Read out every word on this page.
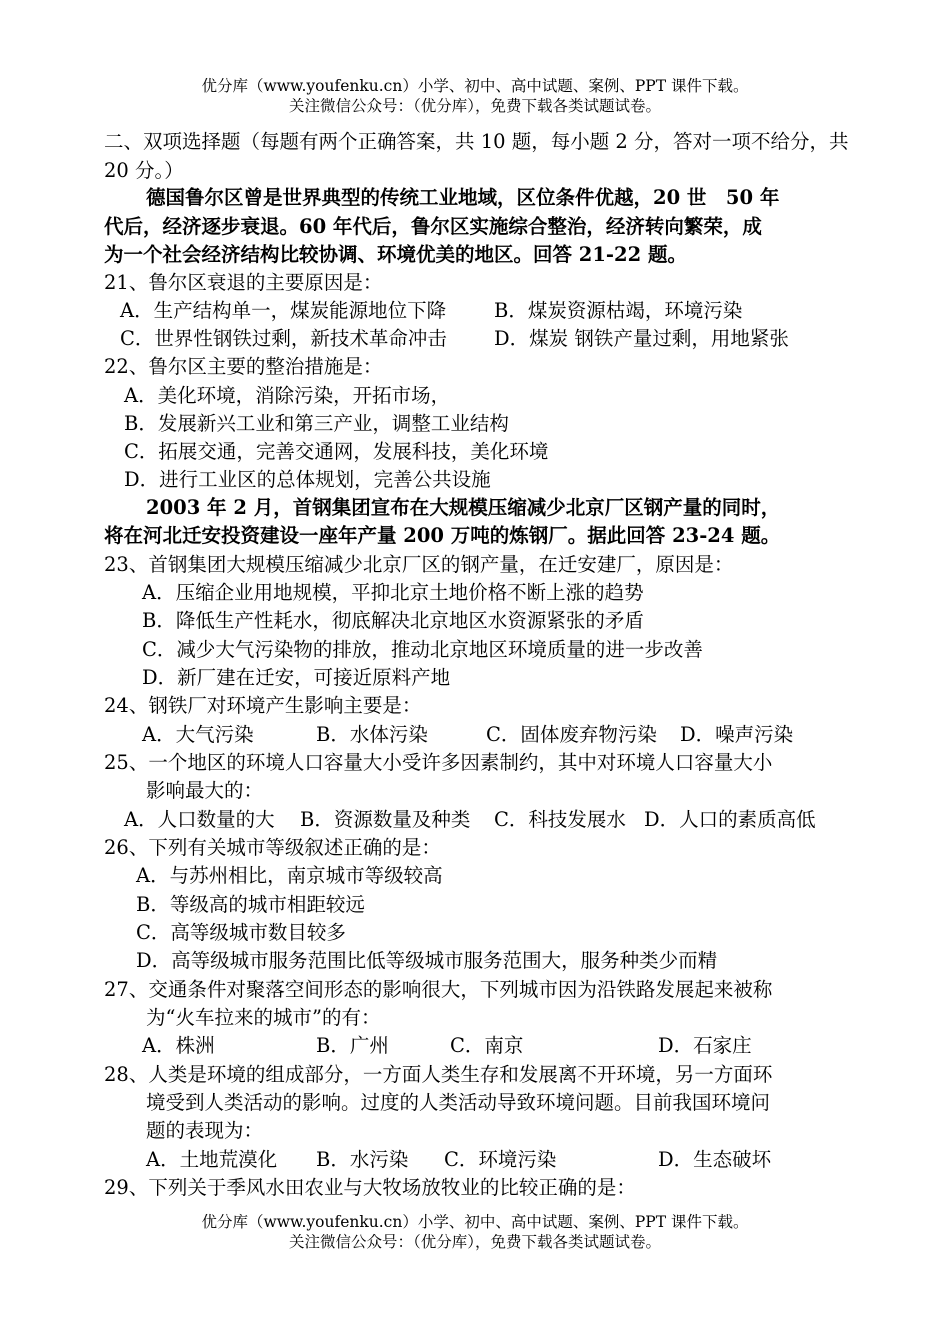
优分库（www.youfenku.cn）小学、初中、高中试题、案例、PPT 课件下载。
关注微信公众号：（优分库），免费下载各类试题试卷。
二、双项选择题（每题有两个正确答案，共 10 题，每小题 2 分，答对一项不给分，共
20 分。）
德国鲁尔区曾是世界典型的传统工业地域，区位条件优越，20 世　50 年
代后，经济逐步衰退。60 年代后，鲁尔区实施综合整治，经济转向繁荣，成
为一个社会经济结构比较协调、环境优美的地区。回答 21-22 题。
21、鲁尔区衰退的主要原因是：
A．生产结构单一，煤炭能源地位下降 B．煤炭资源枯竭，环境污染
C．世界性钢铁过剩，新技术革命冲击 D．煤炭 钢铁产量过剩，用地紧张
22、鲁尔区主要的整治措施是：
A．美化环境，消除污染，开拓市场，
B．发展新兴工业和第三产业，调整工业结构
C．拓展交通，完善交通网，发展科技，美化环境
D．进行工业区的总体规划，完善公共设施
2003 年 2 月，首钢集团宣布在大规模压缩减少北京厂区钢产量的同时，
将在河北迁安投资建设一座年产量 200 万吨的炼钢厂。据此回答 23-24 题。
23、首钢集团大规模压缩减少北京厂区的钢产量，在迁安建厂，原因是：
A．压缩企业用地规模，平抑北京土地价格不断上涨的趋势
B．降低生产性耗水，彻底解决北京地区水资源紧张的矛盾
C．减少大气污染物的排放，推动北京地区环境质量的进一步改善
D．新厂建在迁安，可接近原料产地
24、钢铁厂对环境产生影响主要是：
A．大气污染	B．水体污染	C．固体废弃物污染 D．噪声污染
25、一个地区的环境人口容量大小受许多因素制约，其中对环境人口容量大小
影响最大的：
A．人口数量的大 B．资源数量及种类 C．科技发展水 D．人口的素质高低
26、下列有关城市等级叙述正确的是：
A．与苏州相比，南京城市等级较高
B．等级高的城市相距较远
C．高等级城市数目较多
D．高等级城市服务范围比低等级城市服务范围大，服务种类少而精
27、交通条件对聚落空间形态的影响很大，下列城市因为沿铁路发展起来被称
为“火车拉来的城市”的有：
A．株洲	B．广州	C．南京	D．石家庄
28、人类是环境的组成部分，一方面人类生存和发展离不开环境，另一方面环
境受到人类活动的影响。过度的人类活动导致环境问题。目前我国环境问
题的表现为：
A．土地荒漠化 B．水污染 C．环境污染	D．生态破坏
29、下列关于季风水田农业与大牧场放牧业的比较正确的是：
优分库（www.youfenku.cn）小学、初中、高中试题、案例、PPT 课件下载。
关注微信公众号：（优分库），免费下载各类试题试卷。
